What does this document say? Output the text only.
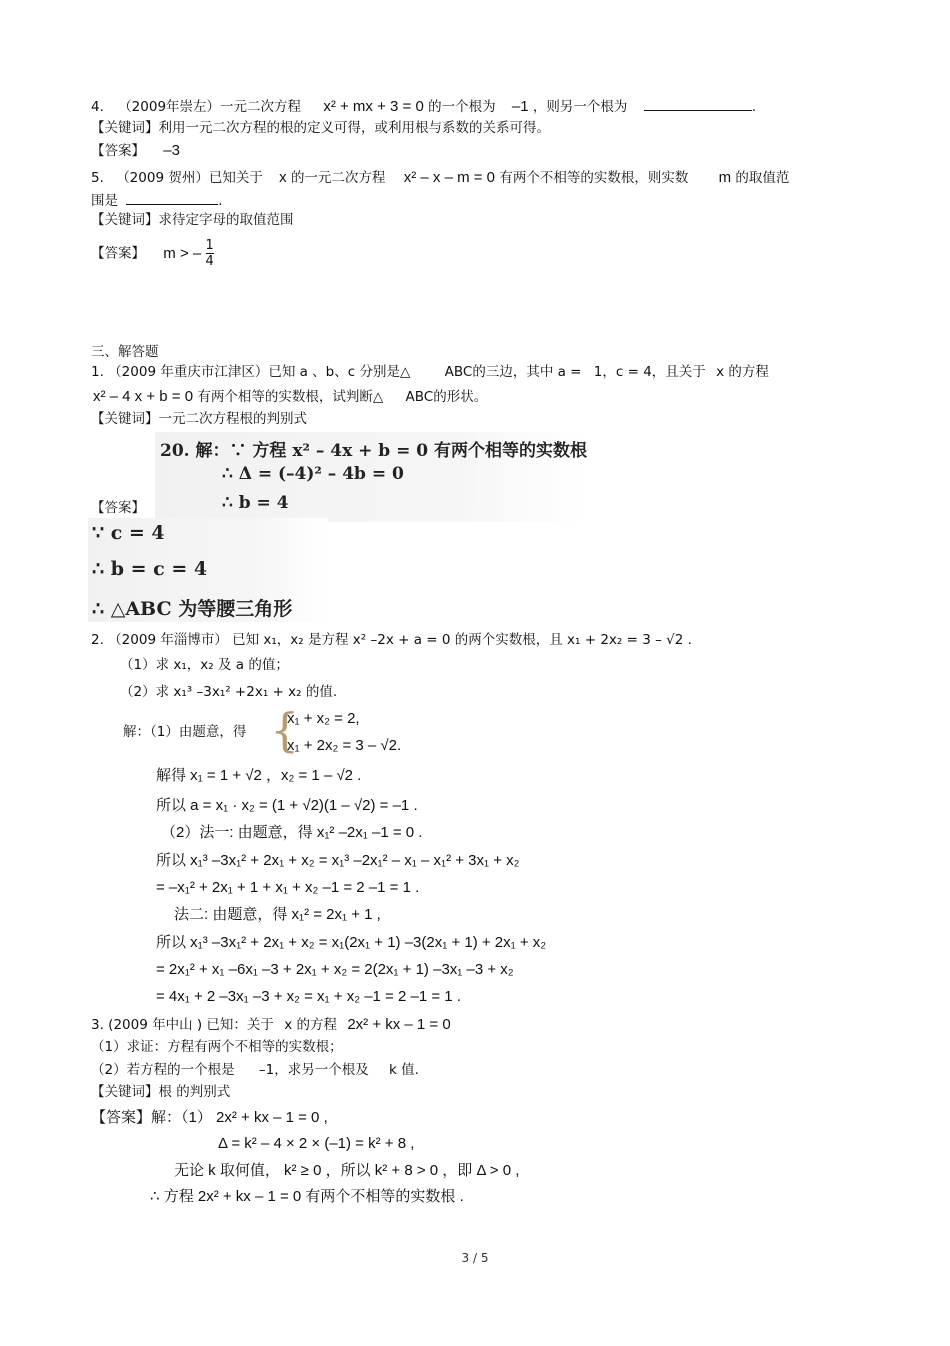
4. （2009年崇左）一元二次方程 x² + mx + 3 = 0 的一个根为 –1 ，则另一个根为	.
【关键词】利用一元二次方程的根的定义可得，或利用根与系数的关系可得。
【答案】 –3
5. （2009 贺州）已知关于 x 的一元二次方程 x² – x – m = 0 有两个不相等的实数根，则实数 m 的取值范
围是	.
【关键词】求待定字母的取值范围
【答案】 m > – $\frac{1}{4}$
三、解答题
1. （2009 年重庆市江津区）已知 a 、b、c 分别是△	ABC的三边，其中 a = 1，c = 4，且关于 x 的方程
x² – 4 x + b = 0 有两个相等的实数根，试判断△ ABC的形状。
【关键词】一元二次方程根的判别式
20. 解：∵ 方程 x² – 4x + b = 0 有两个相等的实数根
∴ Δ = (–4)² – 4b = 0
【答案】	∴ b = 4
∵ c = 4
∴ b = c = 4
∴ △ABC 为等腰三角形
2. （2009 年淄博市） 已知 x₁，x₂ 是方程 x² –2x + a = 0 的两个实数根，且 x₁ + 2x₂ = 3 – √2 .
（1）求 x₁，x₂ 及 a 的值；
（2）求 x₁³ –3x₁² +2x₁ + x₂ 的值.
解：（1）由题意，得 {
x₁ + x₂ = 2,
x₁ + 2x₂ = 3 – √2.
解得 x₁ = 1 + √2 ，x₂ = 1 – √2 .
所以 a = x₁ · x₂ = (1 + √2)(1 – √2) = –1 .
（2）法一: 由题意，得 x₁² –2x₁ –1 = 0 .
所以 x₁³ –3x₁² + 2x₁ + x₂ = x₁³ –2x₁² – x₁ – x₁² + 3x₁ + x₂
= –x₁² + 2x₁ + 1 + x₁ + x₂ –1 = 2 –1 = 1 .
法二: 由题意，得 x₁² = 2x₁ + 1 ,
所以 x₁³ –3x₁² + 2x₁ + x₂ = x₁(2x₁ + 1) –3(2x₁ + 1) + 2x₁ + x₂
= 2x₁² + x₁ –6x₁ –3 + 2x₁ + x₂ = 2(2x₁ + 1) –3x₁ –3 + x₂
= 4x₁ + 2 –3x₁ –3 + x₂ = x₁ + x₂ –1 = 2 –1 = 1 .
3. (2009 年中山 ) 已知：关于 x 的方程 2x² + kx – 1 = 0
（1）求证：方程有两个不相等的实数根；
（2）若方程的一个根是 –1，求另一个根及 k 值.
【关键词】根 的判别式
【答案】解：（1） 2x² + kx – 1 = 0 ,
Δ = k² – 4 × 2 × (–1) = k² + 8 ,
无论 k 取何值， k² ≥ 0 ，所以 k² + 8 > 0 ，即 Δ > 0 ,
∴ 方程 2x² + kx – 1 = 0 有两个不相等的实数根 .
3 / 5
